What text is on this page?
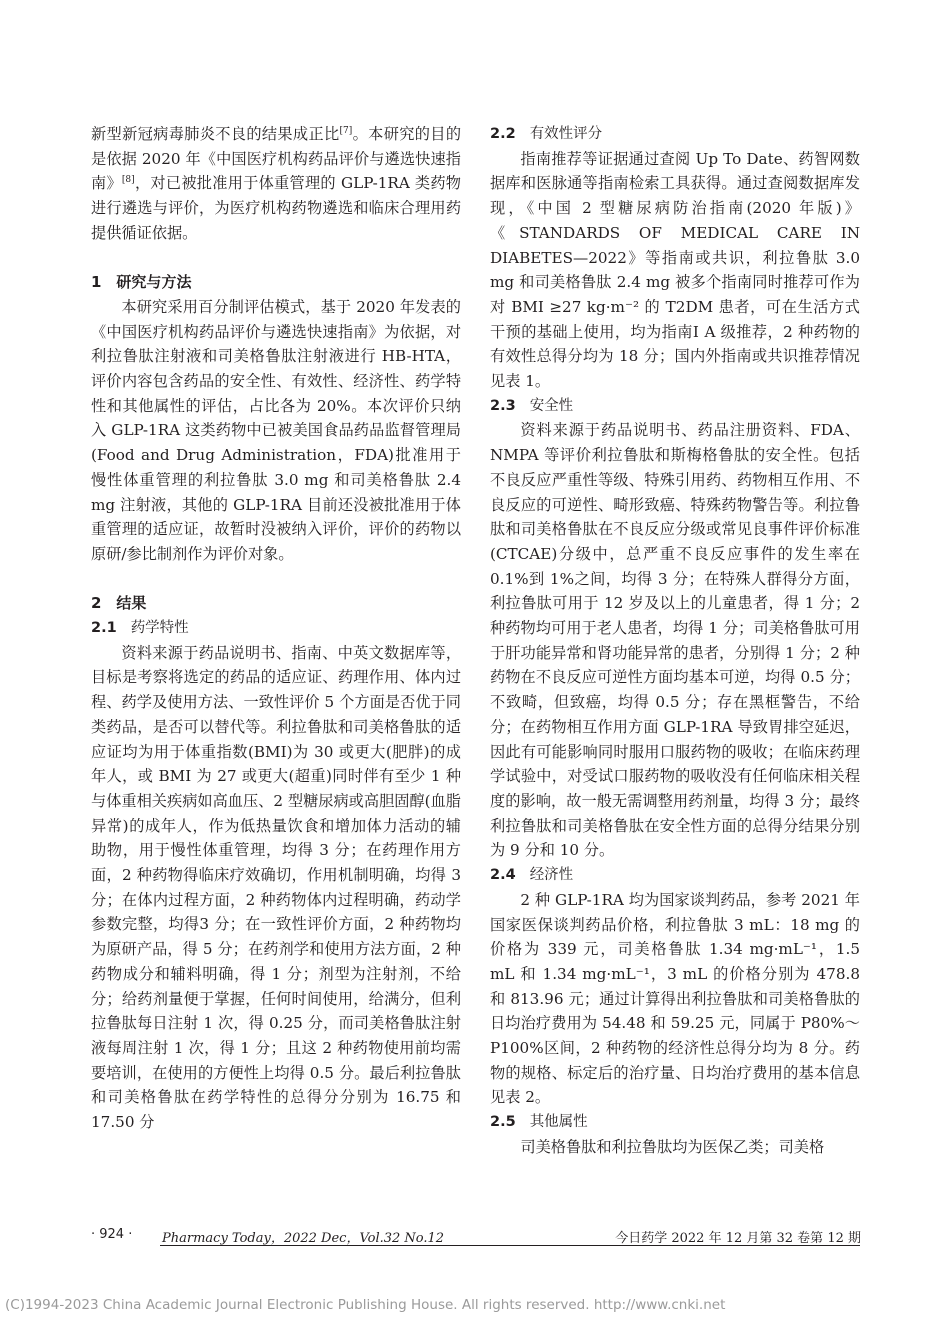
新型新冠病毒肺炎不良的结果成正比[7]。本研究的目的是依据 2020 年《中国医疗机构药品评价与遴选快速指南》[8]，对已被批准用于体重管理的 GLP-1RA 类药物进行遴选与评价，为医疗机构药物遴选和临床合理用药提供循证依据。

1　研究与方法

本研究采用百分制评估模式，基于 2020 年发表的《中国医疗机构药品评价与遴选快速指南》为依据，对利拉鲁肽注射液和司美格鲁肽注射液进行 HB-HTA，评价内容包含药品的安全性、有效性、经济性、药学特性和其他属性的评估，占比各为 20%。本次评价只纳入 GLP-1RA 这类药物中已被美国食品药品监督管理局(Food and Drug Administration，FDA)批准用于慢性体重管理的利拉鲁肽 3.0 mg 和司美格鲁肽 2.4 mg 注射液，其他的 GLP-1RA 目前还没被批准用于体重管理的适应证，故暂时没被纳入评价，评价的药物以原研/参比制剂作为评价对象。

2　结果

2.1 药学特性

资料来源于药品说明书、指南、中英文数据库等，目标是考察将选定的药品的适应证、药理作用、体内过程、药学及使用方法、一致性评价 5 个方面是否优于同类药品，是否可以替代等。利拉鲁肽和司美格鲁肽的适应证均为用于体重指数(BMI)为 30 或更大(肥胖)的成年人，或 BMI 为 27 或更大(超重)同时伴有至少 1 种与体重相关疾病如高血压、2 型糖尿病或高胆固醇(血脂异常)的成年人，作为低热量饮食和增加体力活动的辅助物，用于慢性体重管理，均得 3 分；在药理作用方面，2 种药物得临床疗效确切，作用机制明确，均得 3 分；在体内过程方面，2 种药物体内过程明确，药动学参数完整，均得3 分；在一致性评价方面，2 种药物均为原研产品，得 5 分；在药剂学和使用方法方面，2 种药物成分和辅料明确，得 1 分；剂型为注射剂，不给分；给药剂量便于掌握，任何时间使用，给满分，但利拉鲁肽每日注射 1 次，得 0.25 分，而司美格鲁肽注射液每周注射 1 次，得 1 分；且这 2 种药物使用前均需要培训，在使用的方便性上均得 0.5 分。最后利拉鲁肽和司美格鲁肽在药学特性的总得分分别为 16.75 和 17.50 分

2.2 有效性评分

指南推荐等证据通过查阅 Up To Date、药智网数据库和医脉通等指南检索工具获得。通过查阅数据库发现，《中国 2 型糖尿病防治指南(2020 年版)》《STANDARDS OF MEDICAL CARE IN DIABETES—2022》等指南或共识，利拉鲁肽 3.0 mg 和司美格鲁肽 2.4 mg 被多个指南同时推荐可作为对 BMI ≥27 kg·m⁻² 的 T2DM 患者，可在生活方式干预的基础上使用，均为指南Ⅰ A 级推荐，2 种药物的有效性总得分均为 18 分；国内外指南或共识推荐情况见表 1。

2.3 安全性

资料来源于药品说明书、药品注册资料、FDA、NMPA 等评价利拉鲁肽和斯梅格鲁肽的安全性。包括不良反应严重性等级、特殊引用药、药物相互作用、不良反应的可逆性、畸形致癌、特殊药物警告等。利拉鲁肽和司美格鲁肽在不良反应分级或常见良事件评价标准(CTCAE)分级中，总严重不良反应事件的发生率在 0.1%到 1%之间，均得 3 分；在特殊人群得分方面，利拉鲁肽可用于 12 岁及以上的儿童患者，得 1 分；2 种药物均可用于老人患者，均得 1 分；司美格鲁肽可用于肝功能异常和肾功能异常的患者，分别得 1 分；2 种药物在不良反应可逆性方面均基本可逆，均得 0.5 分；不致畸，但致癌，均得 0.5 分；存在黑框警告，不给分；在药物相互作用方面 GLP-1RA 导致胃排空延迟，因此有可能影响同时服用口服药物的吸收；在临床药理学试验中，对受试口服药物的吸收没有任何临床相关程度的影响，故一般无需调整用药剂量，均得 3 分；最终利拉鲁肽和司美格鲁肽在安全性方面的总得分结果分别为 9 分和 10 分。

2.4 经济性

2 种 GLP-1RA 均为国家谈判药品，参考 2021 年国家医保谈判药品价格，利拉鲁肽 3 mL：18 mg 的价格为 339 元，司美格鲁肽 1.34 mg·mL⁻¹，1.5 mL 和 1.34 mg·mL⁻¹，3 mL 的价格分别为 478.8 和 813.96 元；通过计算得出利拉鲁肽和司美格鲁肽的日均治疗费用为 54.48 和 59.25 元，同属于 P80%～P100%区间，2 种药物的经济性总得分均为 8 分。药物的规格、标定后的治疗量、日均治疗费用的基本信息见表 2。

2.5 其他属性

司美格鲁肽和利拉鲁肽均为医保乙类；司美格

· 924 · Pharmacy Today，2022 Dec，Vol.32 No.12	今日药学 2022 年 12 月第 32 卷第 12 期
(C)1994-2023 China Academic Journal Electronic Publishing House. All rights reserved. http://www.cnki.net
